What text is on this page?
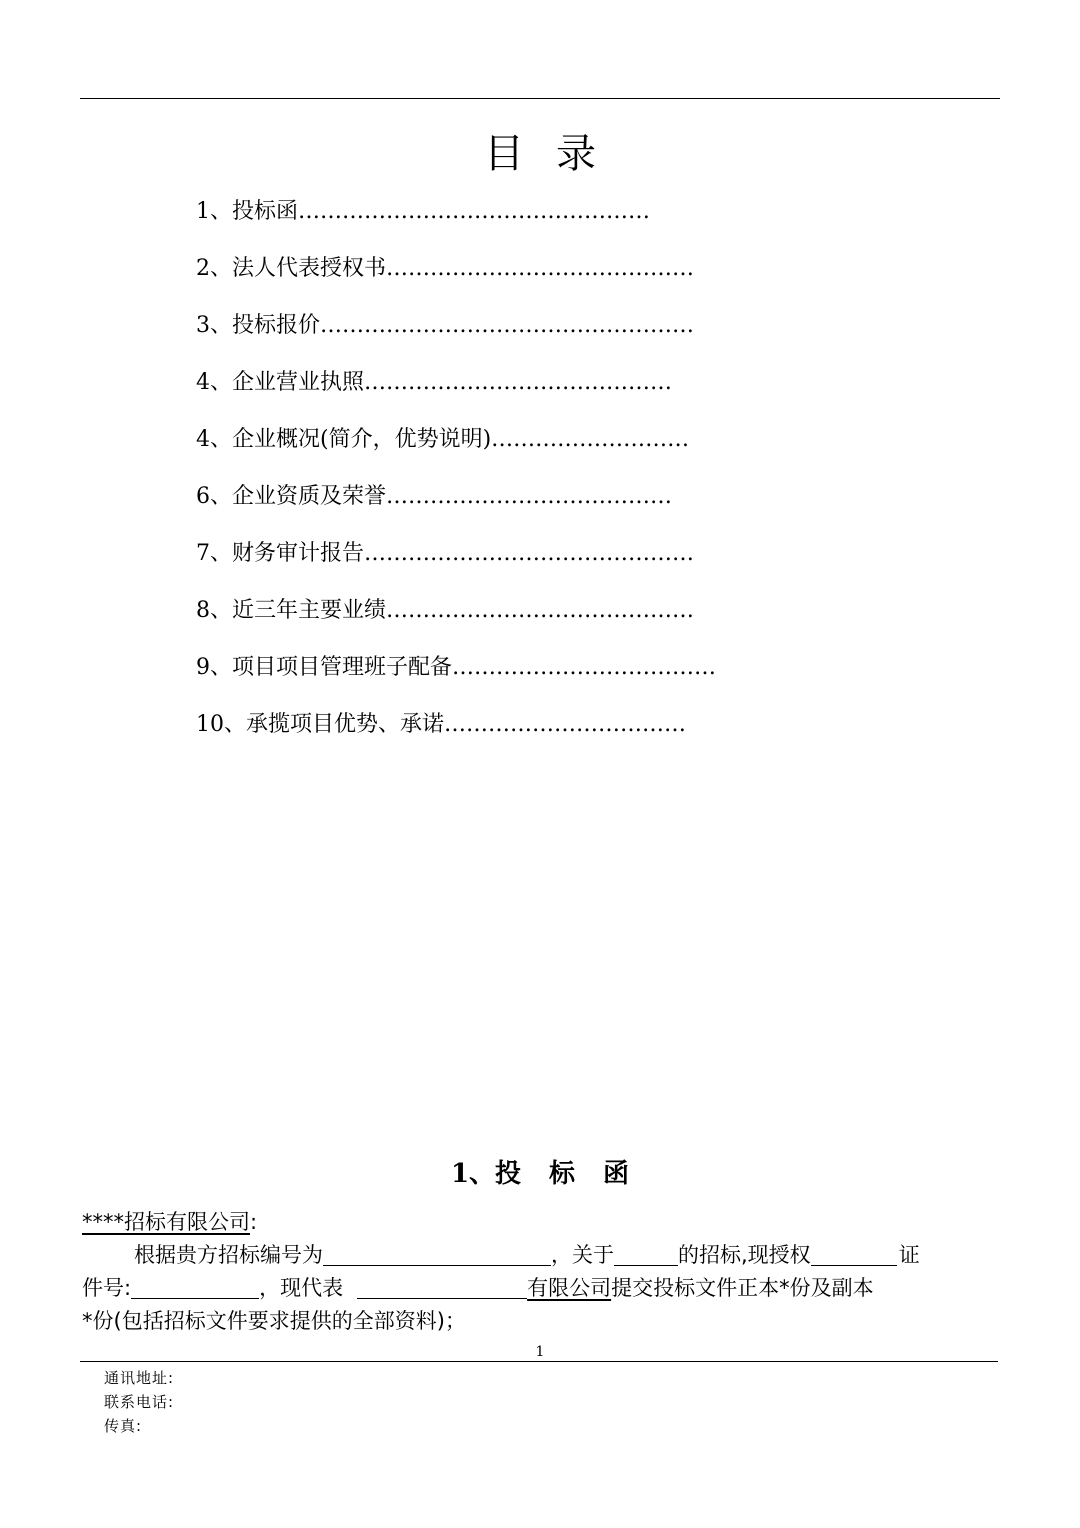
目录
1、投标函…………………………………………
2、法人代表授权书……………………………………
3、投标报价……………………………………………
4、企业营业执照……………………………………
4、企业概况(简介，优势说明)………………………
6、企业资质及荣誉…………………………………
7、财务审计报告………………………………………
8、近三年主要业绩……………………………………
9、项目项目管理班子配备………………………………
10、承揽项目优势、承诺……………………………
1、投 标 函
****招标有限公司:
根据贵方招标编号为	，关于	的招标,现授权	证
件号:	，现代表	有限公司提交投标文件正本*份及副本
*份(包括招标文件要求提供的全部资料)；
1
通讯地址:
联系电话:
传真:
